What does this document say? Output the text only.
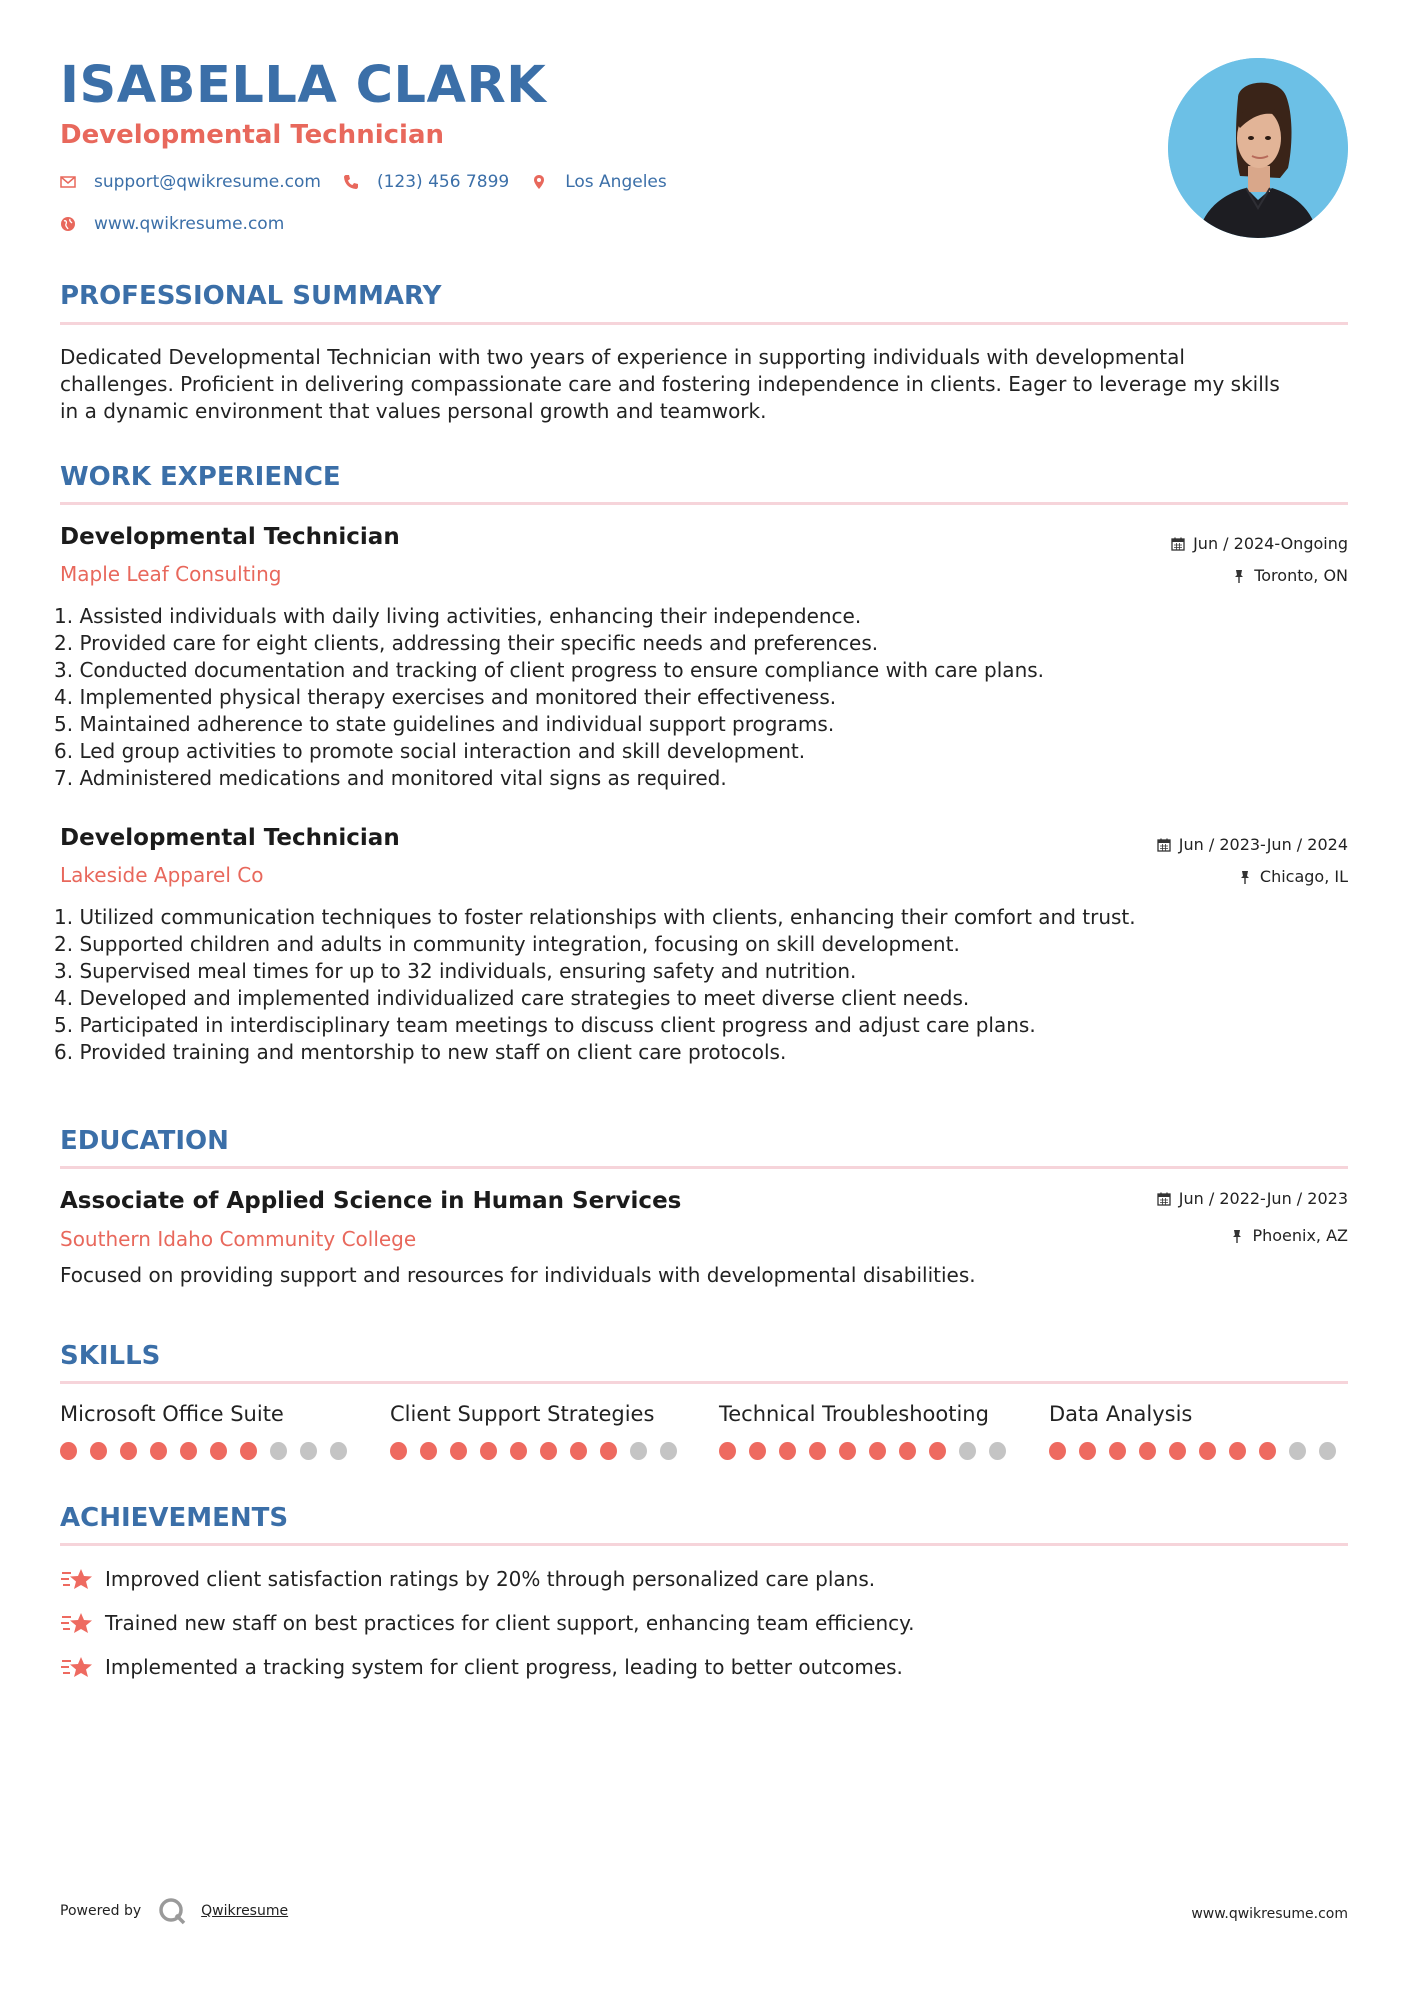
ISABELLA CLARK
Developmental Technician
support@qwikresume.com	(123) 456 7899	Los Angeles
www.qwikresume.com
PROFESSIONAL SUMMARY
Dedicated Developmental Technician with two years of experience in supporting individuals with developmental
challenges. Proficient in delivering compassionate care and fostering independence in clients. Eager to leverage my skills
in a dynamic environment that values personal growth and teamwork.
WORK EXPERIENCE
Developmental Technician
Maple Leaf Consulting
Jun / 2024-Ongoing
Toronto, ON
1. Assisted individuals with daily living activities, enhancing their independence.
2. Provided care for eight clients, addressing their specific needs and preferences.
3. Conducted documentation and tracking of client progress to ensure compliance with care plans.
4. Implemented physical therapy exercises and monitored their effectiveness.
5. Maintained adherence to state guidelines and individual support programs.
6. Led group activities to promote social interaction and skill development.
7. Administered medications and monitored vital signs as required.
Developmental Technician
Lakeside Apparel Co
Jun / 2023-Jun / 2024
Chicago, IL
1. Utilized communication techniques to foster relationships with clients, enhancing their comfort and trust.
2. Supported children and adults in community integration, focusing on skill development.
3. Supervised meal times for up to 32 individuals, ensuring safety and nutrition.
4. Developed and implemented individualized care strategies to meet diverse client needs.
5. Participated in interdisciplinary team meetings to discuss client progress and adjust care plans.
6. Provided training and mentorship to new staff on client care protocols.
EDUCATION
Associate of Applied Science in Human Services
Southern Idaho Community College
Jun / 2022-Jun / 2023
Phoenix, AZ
Focused on providing support and resources for individuals with developmental disabilities.
SKILLS
Microsoft Office Suite	Client Support Strategies	Technical Troubleshooting	Data Analysis
ACHIEVEMENTS
Improved client satisfaction ratings by 20% through personalized care plans.
Trained new staff on best practices for client support, enhancing team efficiency.
Implemented a tracking system for client progress, leading to better outcomes.
Powered by	Qwikresume	www.qwikresume.com
